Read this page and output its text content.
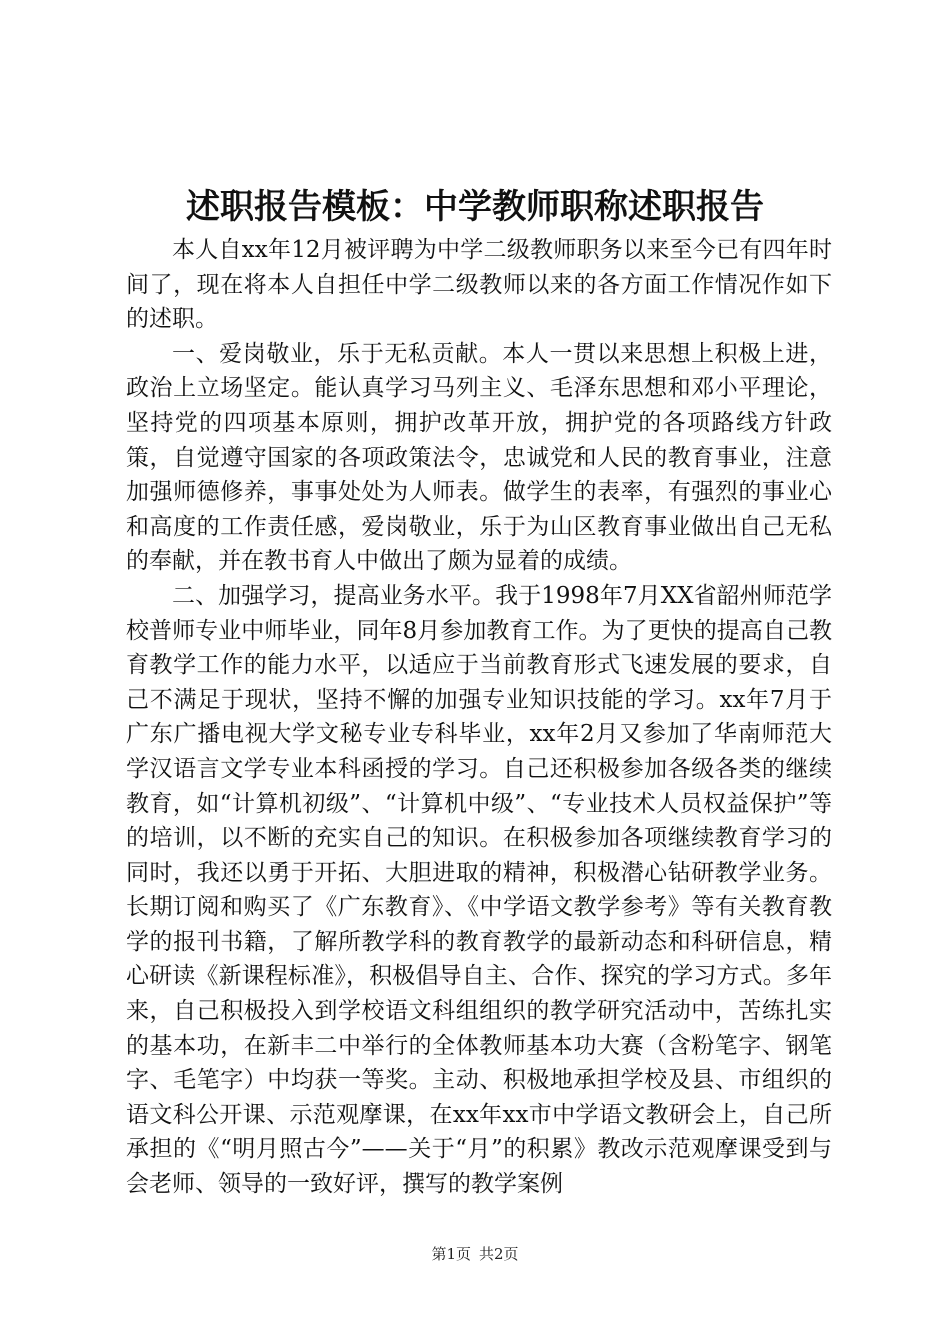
述职报告模板：中学教师职称述职报告

本人自xx年12月被评聘为中学二级教师职务以来至今已有四年时间了，现在将本人自担任中学二级教师以来的各方面工作情况作如下的述职。

一、爱岗敬业，乐于无私贡献。本人一贯以来思想上积极上进，政治上立场坚定。能认真学习马列主义、毛泽东思想和邓小平理论，坚持党的四项基本原则，拥护改革开放，拥护党的各项路线方针政策，自觉遵守国家的各项政策法令，忠诚党和人民的教育事业，注意加强师德修养，事事处处为人师表。做学生的表率，有强烈的事业心和高度的工作责任感，爱岗敬业，乐于为山区教育事业做出自己无私的奉献，并在教书育人中做出了颇为显着的成绩。

二、加强学习，提高业务水平。我于1998年7月XX省韶州师范学校普师专业中师毕业，同年8月参加教育工作。为了更快的提高自己教育教学工作的能力水平，以适应于当前教育形式飞速发展的要求，自己不满足于现状，坚持不懈的加强专业知识技能的学习。xx年7月于广东广播电视大学文秘专业专科毕业，xx年2月又参加了华南师范大学汉语言文学专业本科函授的学习。自己还积极参加各级各类的继续教育，如“计算机初级”、“计算机中级”、“专业技术人员权益保护”等的培训，以不断的充实自己的知识。在积极参加各项继续教育学习的同时，我还以勇于开拓、大胆进取的精神，积极潜心钻研教学业务。长期订阅和购买了《广东教育》、《中学语文教学参考》等有关教育教学的报刊书籍，了解所教学科的教育教学的最新动态和科研信息，精心研读《新课程标准》，积极倡导自主、合作、探究的学习方式。多年来，自己积极投入到学校语文科组组织的教学研究活动中，苦练扎实的基本功，在新丰二中举行的全体教师基本功大赛（含粉笔字、钢笔字、毛笔字）中均获一等奖。主动、积极地承担学校及县、市组织的语文科公开课、示范观摩课，在xx年xx市中学语文教研会上，自己所承担的《“明月照古今”——关于“月”的积累》教改示范观摩课受到与会老师、领导的一致好评，撰写的教学案例

第1页 共2页
